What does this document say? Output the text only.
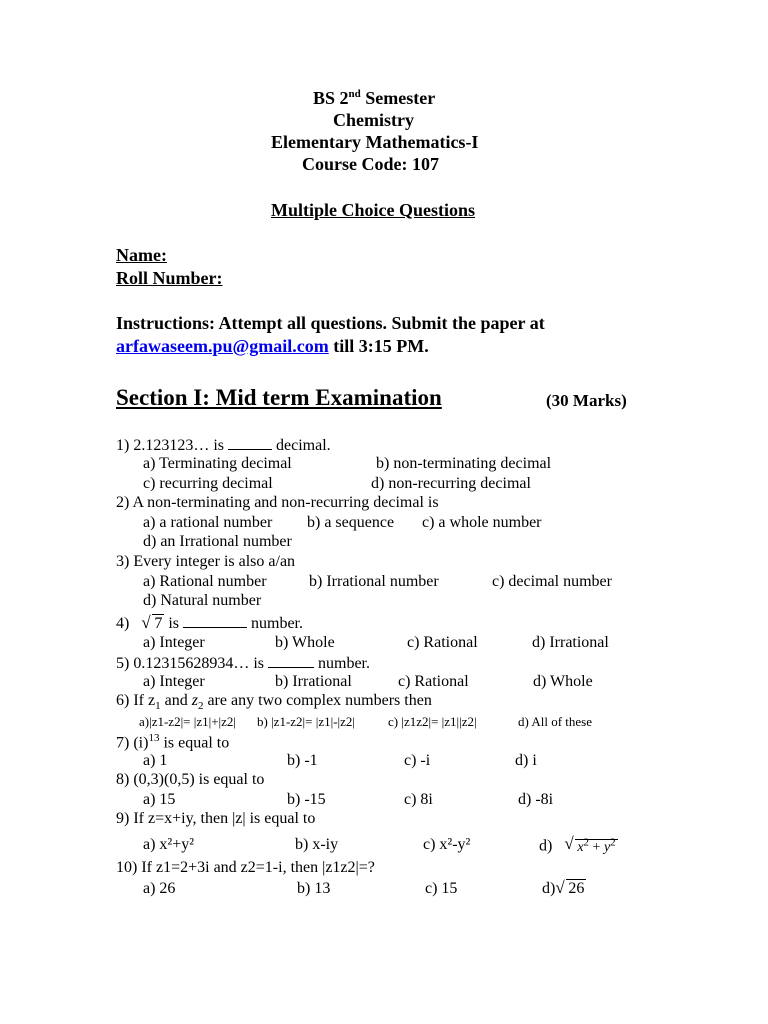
BS 2nd Semester
Chemistry
Elementary Mathematics-I
Course Code: 107
Multiple Choice Questions
Name:
Roll Number:
Instructions: Attempt all questions. Submit the paper at
arfawaseem.pu@gmail.com till 3:15 PM.
Section I: Mid term Examination	(30 Marks)
1) 2.123123… is	decimal.
a) Terminating decimal	b) non-terminating decimal
c) recurring decimal	d) non-recurring decimal
2) A non-terminating and non-recurring decimal is
a) a rational number b) a sequence c) a whole number
d) an Irrational number
3) Every integer is also a/an
a) Rational number	b) Irrational number	c) decimal number
d) Natural number
4) √ 7 is	number.
a) Integer	b) Whole	c) Rational	d) Irrational
5) 0.12315628934… is	number.
a) Integer	b) Irrational	c) Rational	d) Whole
6) If $z_1$ and $z_2$ are any two complex numbers then
a)|z1-z2|= |z1|+|z2| b) |z1-z2|= |z1|-|z2|	c) |z1z2|= |z1||z2|	d) All of these
7) $(i)^{13}$ is equal to
a) 1	b) -1	c) -i	d) i
8) (0,3)(0,5) is equal to
a) 15	b) -15	c) 8i	d) -8i
9) If z=x+iy, then |z| is equal to
a) x²+y²	b) x-iy	c) x²-y²	d) √ $x^2 + y^2$
10) If z1=2+3i and z2=1-i, then |z1z2|=?
a) 26	b) 13	c) 15	d) √ 26
